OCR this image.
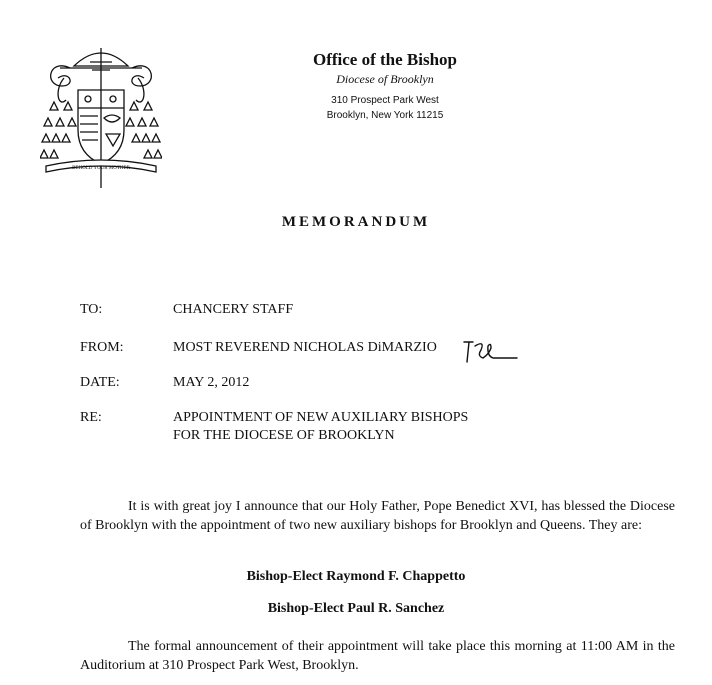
BEHOLD YOUR MOTHER
Office of the Bishop
Diocese of Brooklyn
310 Prospect Park West
Brooklyn, New York 11215
MEMORANDUM
TO:	CHANCERY STAFF
FROM:	MOST REVEREND NICHOLAS DiMARZIO
DATE:	MAY 2, 2012
RE:	APPOINTMENT OF NEW AUXILIARY BISHOPS
FOR THE DIOCESE OF BROOKLYN
It is with great joy I announce that our Holy Father, Pope Benedict XVI, has blessed the Diocese of Brooklyn with the appointment of two new auxiliary bishops for Brooklyn and Queens. They are:
Bishop-Elect Raymond F. Chappetto
Bishop-Elect Paul R. Sanchez
The formal announcement of their appointment will take place this morning at 11:00 AM in the Auditorium at 310 Prospect Park West, Brooklyn.
